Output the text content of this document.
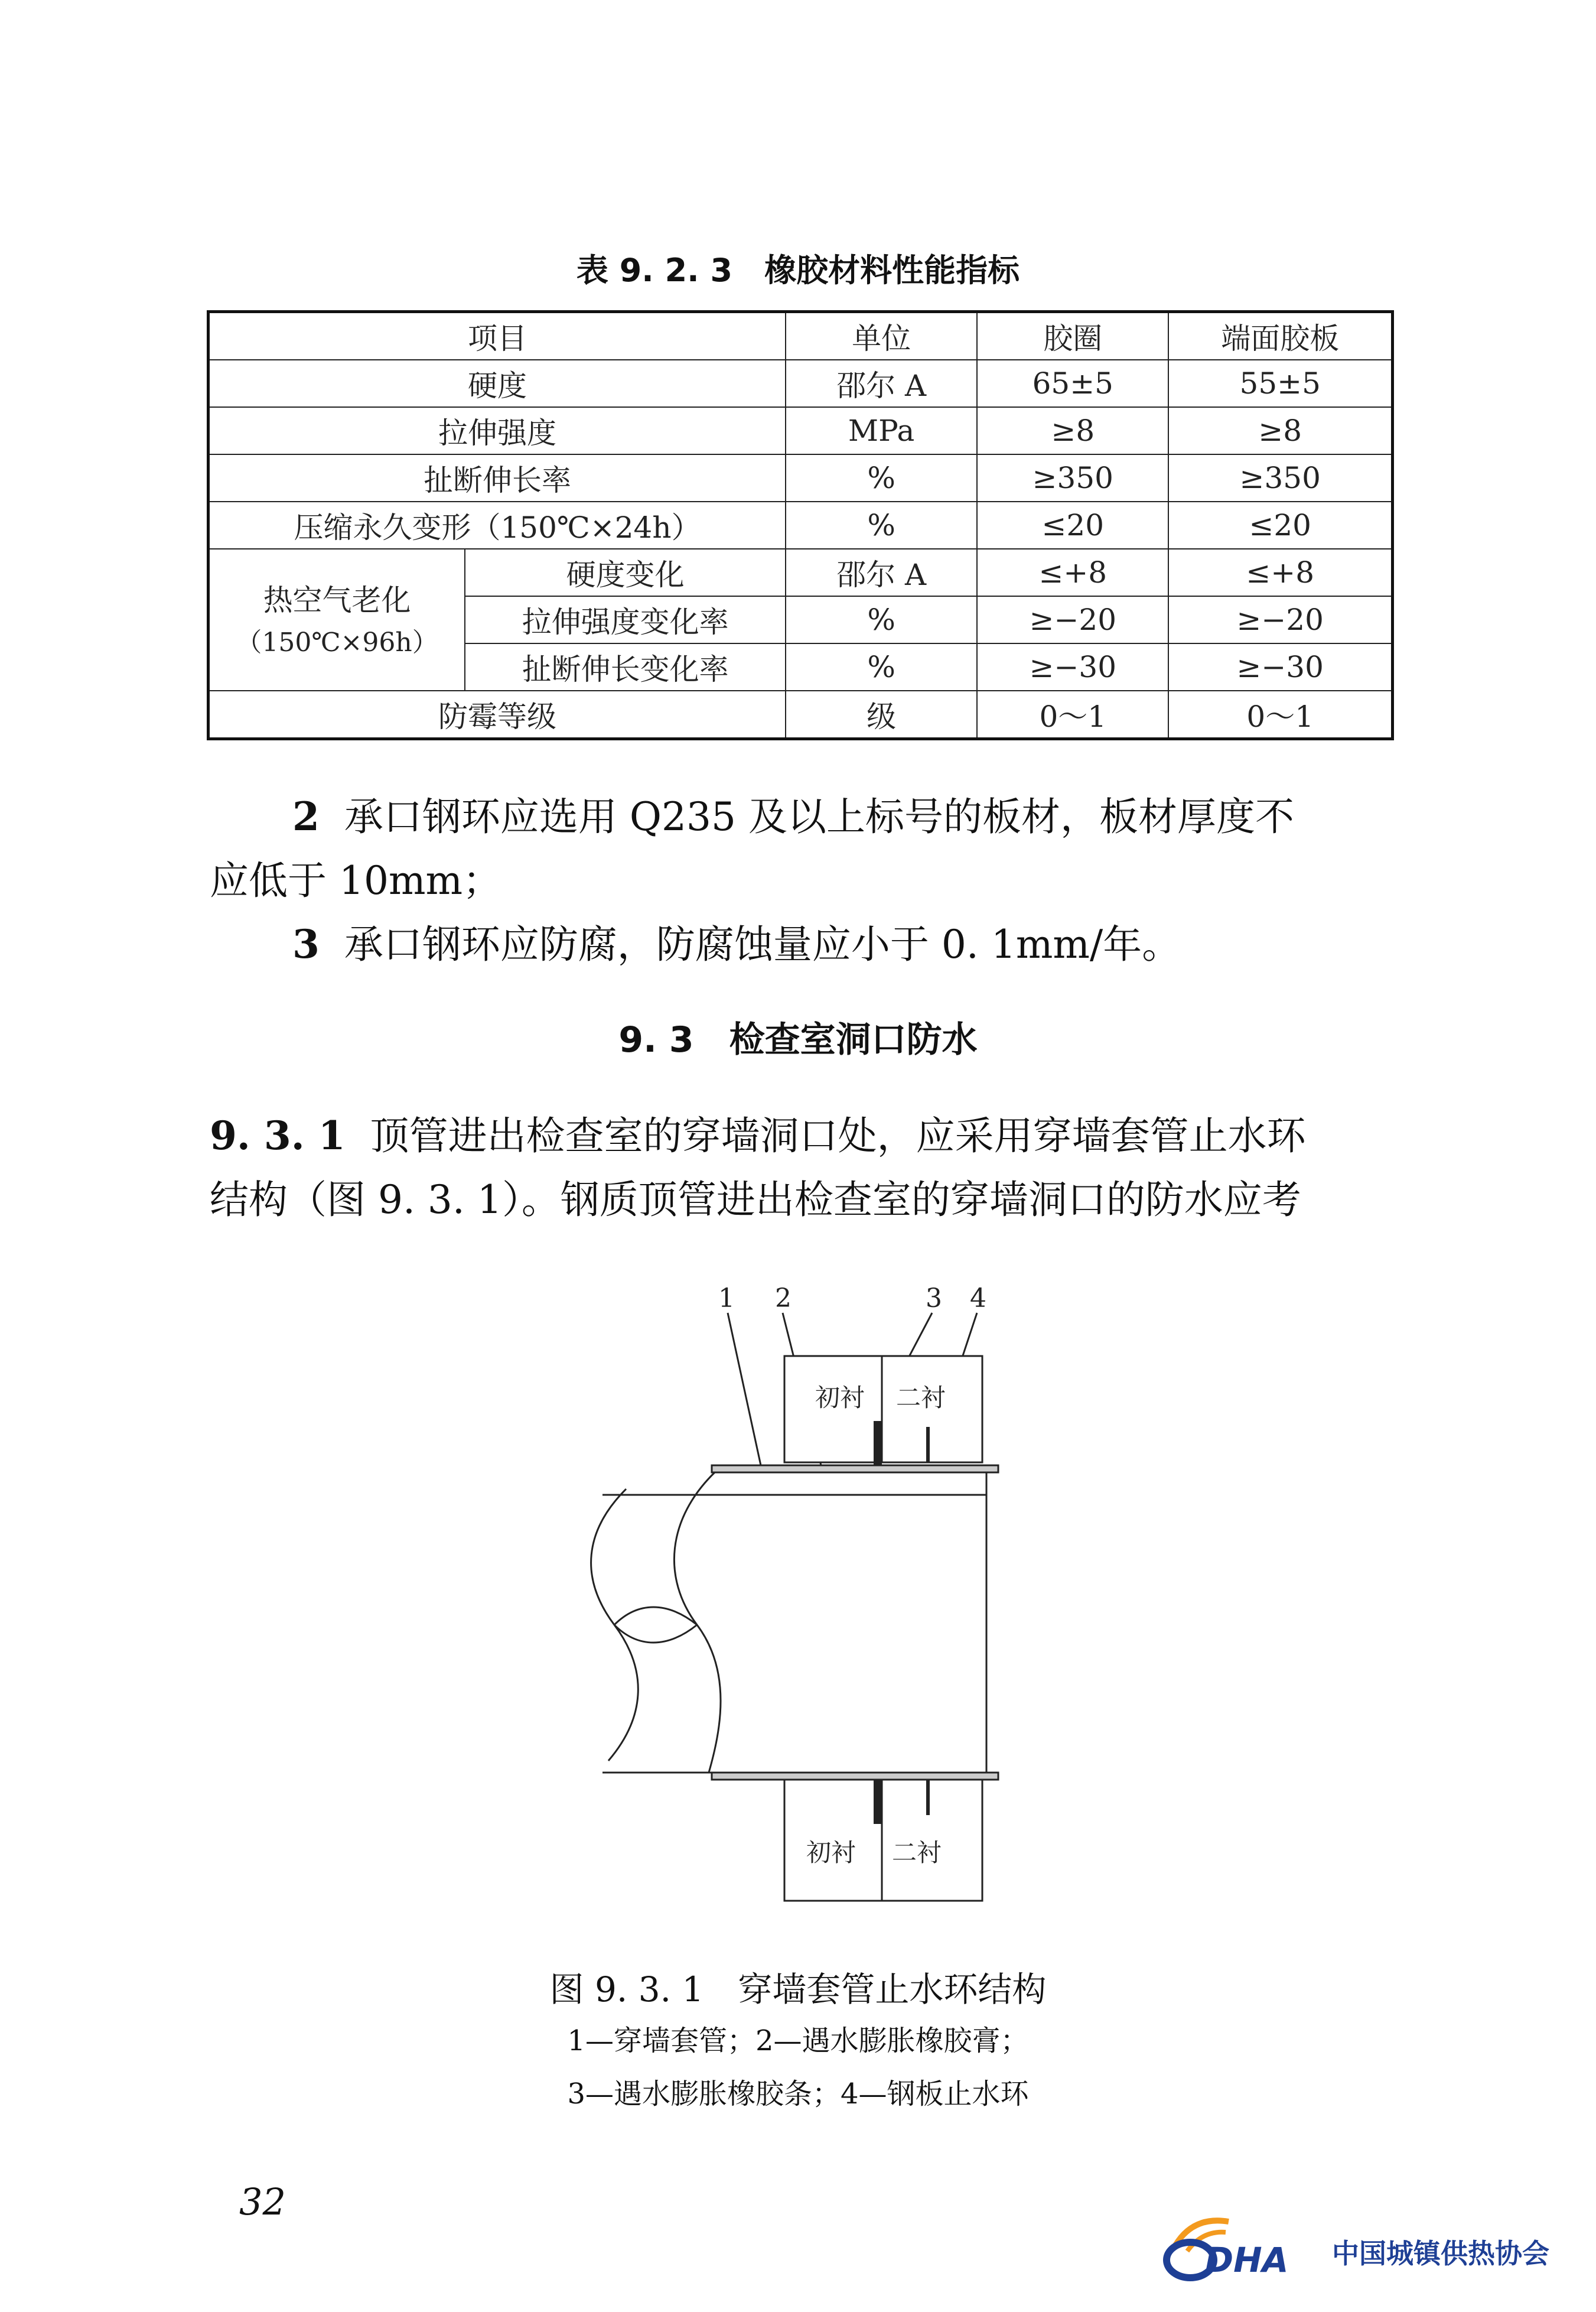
表 9. 2. 3　橡胶材料性能指标
项目		单位	胶圈	端面胶板
硬度		邵尔 A	65±5	55±5
拉伸强度		MPa	≥8	≥8
扯断伸长率		%	≥350	≥350
压缩永久变形（150℃×24h）		%	≤20	≤20

热空气老化
（150℃×96h）	硬度变化	邵尔 A	≤+8	≤+8
	拉伸强度变化率	%	≥−20	≥−20
	扯断伸长变化率	%	≥−30	≥−30
防霉等级		级	0～1	0～1
2 承口钢环应选用 Q235 及以上标号的板材，板材厚度不
应低于 10mm；
3 承口钢环应防腐，防腐蚀量应小于 0. 1mm/年。
9. 3　检查室洞口防水
9. 3. 1 顶管进出检查室的穿墙洞口处，应采用穿墙套管止水环
结构（图 9. 3. 1）。钢质顶管进出检查室的穿墙洞口的防水应考
1 2	3 4
初衬 二衬
初衬 二衬
图 9. 3. 1　穿墙套管止水环结构
1—穿墙套管；2—遇水膨胀橡胶膏；
3—遇水膨胀橡胶条；4—钢板止水环
32
DHA 中国城镇供热协会
